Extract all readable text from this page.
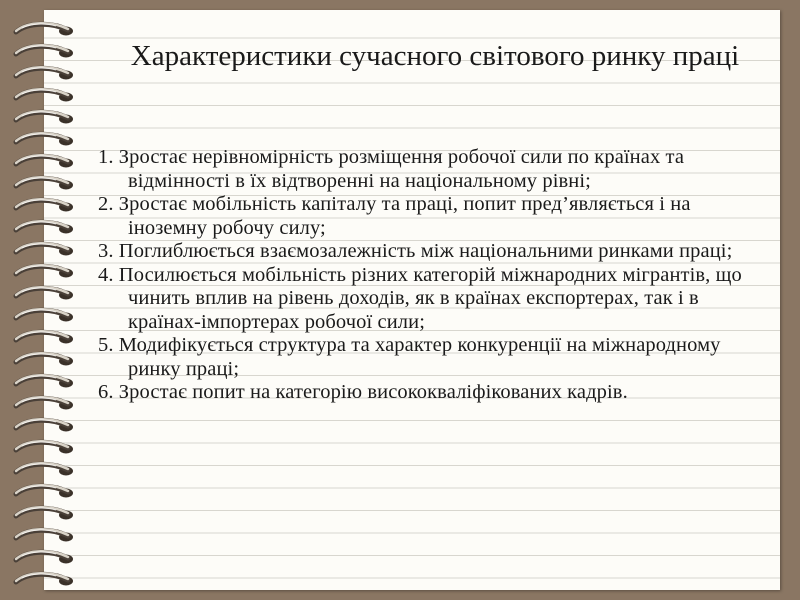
Характеристики сучасного світового ринку праці
1. Зростає нерівномірність розміщення робочої сили по країнах та відмінності в їх відтворенні на національному рівні;
2. Зростає мобільність капіталу та праці, попит пред’являється і на іноземну робочу силу;
3. Поглиблюється взаємозалежність між національними ринками праці;
4. Посилюється мобільність різних категорій міжнародних мігрантів, що чинить вплив на рівень доходів, як в країнах експортерах, так і в країнах-імпортерах робочої сили;
5. Модифікується структура та характер конкуренції на міжнародному ринку праці;
6. Зростає попит на категорію висококваліфікованих кадрів.
